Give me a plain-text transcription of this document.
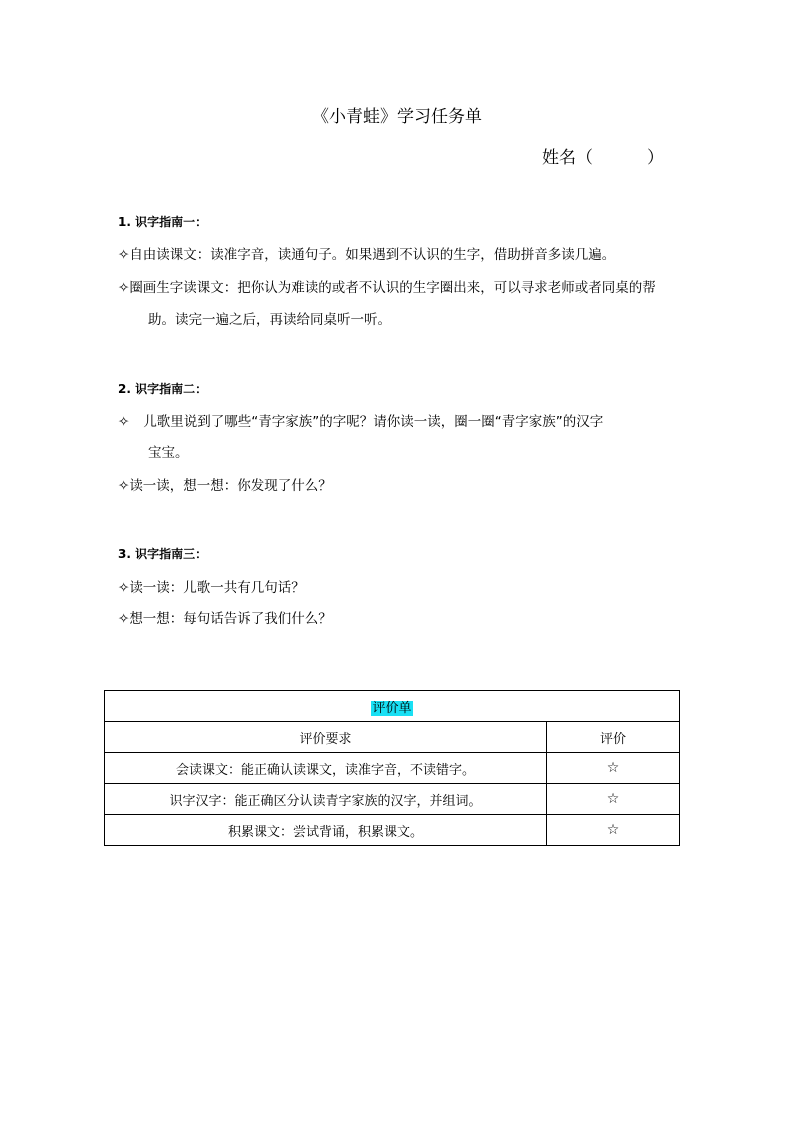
《小青蛙》学习任务单
姓名（          ）
1. 识字指南一：
✧自由读课文：读准字音，读通句子。如果遇到不认识的生字，借助拼音多读几遍。
✧圈画生字读课文：把你认为难读的或者不认识的生字圈出来，可以寻求老师或者同桌的帮
助。读完一遍之后，再读给同桌听一听。
2. 识字指南二：
✧ 儿歌里说到了哪些“青字家族”的字呢？请你读一读，圈一圈“青字家族”的汉字
宝宝。
✧读一读，想一想：你发现了什么？
3. 识字指南三：
✧读一读：儿歌一共有几句话？
✧想一想：每句话告诉了我们什么？
评价单	
评价要求	评价
会读课文：能正确认读课文，读准字音，不读错字。	☆
识字汉字：能正确区分认读青字家族的汉字，并组词。	☆
积累课文：尝试背诵，积累课文。	☆
